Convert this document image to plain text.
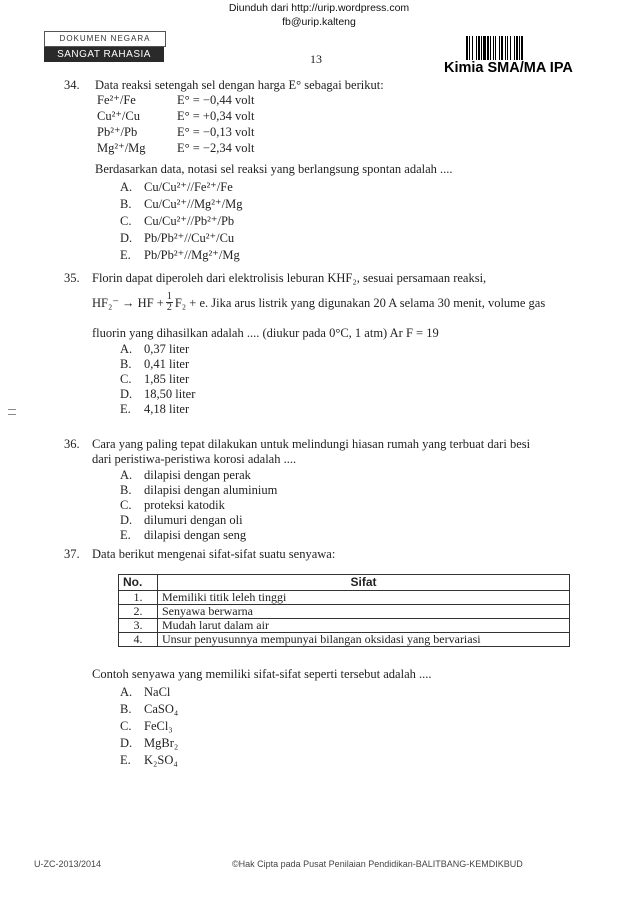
Diunduh dari http://urip.wordpress.com
fb@urip.kalteng
DOKUMEN NEGARA
SANGAT RAHASIA	13
Kimia SMA/MA IPA
34. Data reaksi setengah sel dengan harga E° sebagai berikut:
Fe²⁺/Fe	E° = −0,44 volt
Cu²⁺/Cu	E° = +0,34 volt
Pb²⁺/Pb	E° = −0,13 volt
Mg²⁺/Mg	E° = −2,34 volt
Berdasarkan data, notasi sel reaksi yang berlangsung spontan adalah ....
A. Cu/Cu²⁺//Fe²⁺/Fe
B. Cu/Cu²⁺//Mg²⁺/Mg
C. Cu/Cu²⁺//Pb²⁺/Pb
D. Pb/Pb²⁺//Cu²⁺/Cu
E. Pb/Pb²⁺//Mg²⁺/Mg
35. Florin dapat diperoleh dari elektrolisis leburan KHF₂, sesuai persamaan reaksi,
HF₂⁻ → HF + $\frac{1}{2} F_2 + e$. Jika arus listrik yang digunakan 20 A selama 30 menit, volume gas
fluorin yang dihasilkan adalah .... (diukur pada 0°C, 1 atm) Ar F = 19
A. 0,37 liter
B. 0,41 liter
C. 1,85 liter
D. 18,50 liter
E. 4,18 liter
36. Cara yang paling tepat dilakukan untuk melindungi hiasan rumah yang terbuat dari besi
dari peristiwa-peristiwa korosi adalah ....
A. dilapisi dengan perak
B. dilapisi dengan aluminium
C. proteksi katodik
D. dilumuri dengan oli
E. dilapisi dengan seng
37. Data berikut mengenai sifat-sifat suatu senyawa:
No.	Sifat
1.	Memiliki titik leleh tinggi
2.	Senyawa berwarna
3.	Mudah larut dalam air
4.	Unsur penyusunnya mempunyai bilangan oksidasi yang bervariasi
Contoh senyawa yang memiliki sifat-sifat seperti tersebut adalah ....
A. NaCl
B. CaSO₄
C. FeCl₃
D. MgBr₂
E. K₂SO₄
U-ZC-2013/2014	©Hak Cipta pada Pusat Penilaian Pendidikan-BALITBANG-KEMDIKBUD
